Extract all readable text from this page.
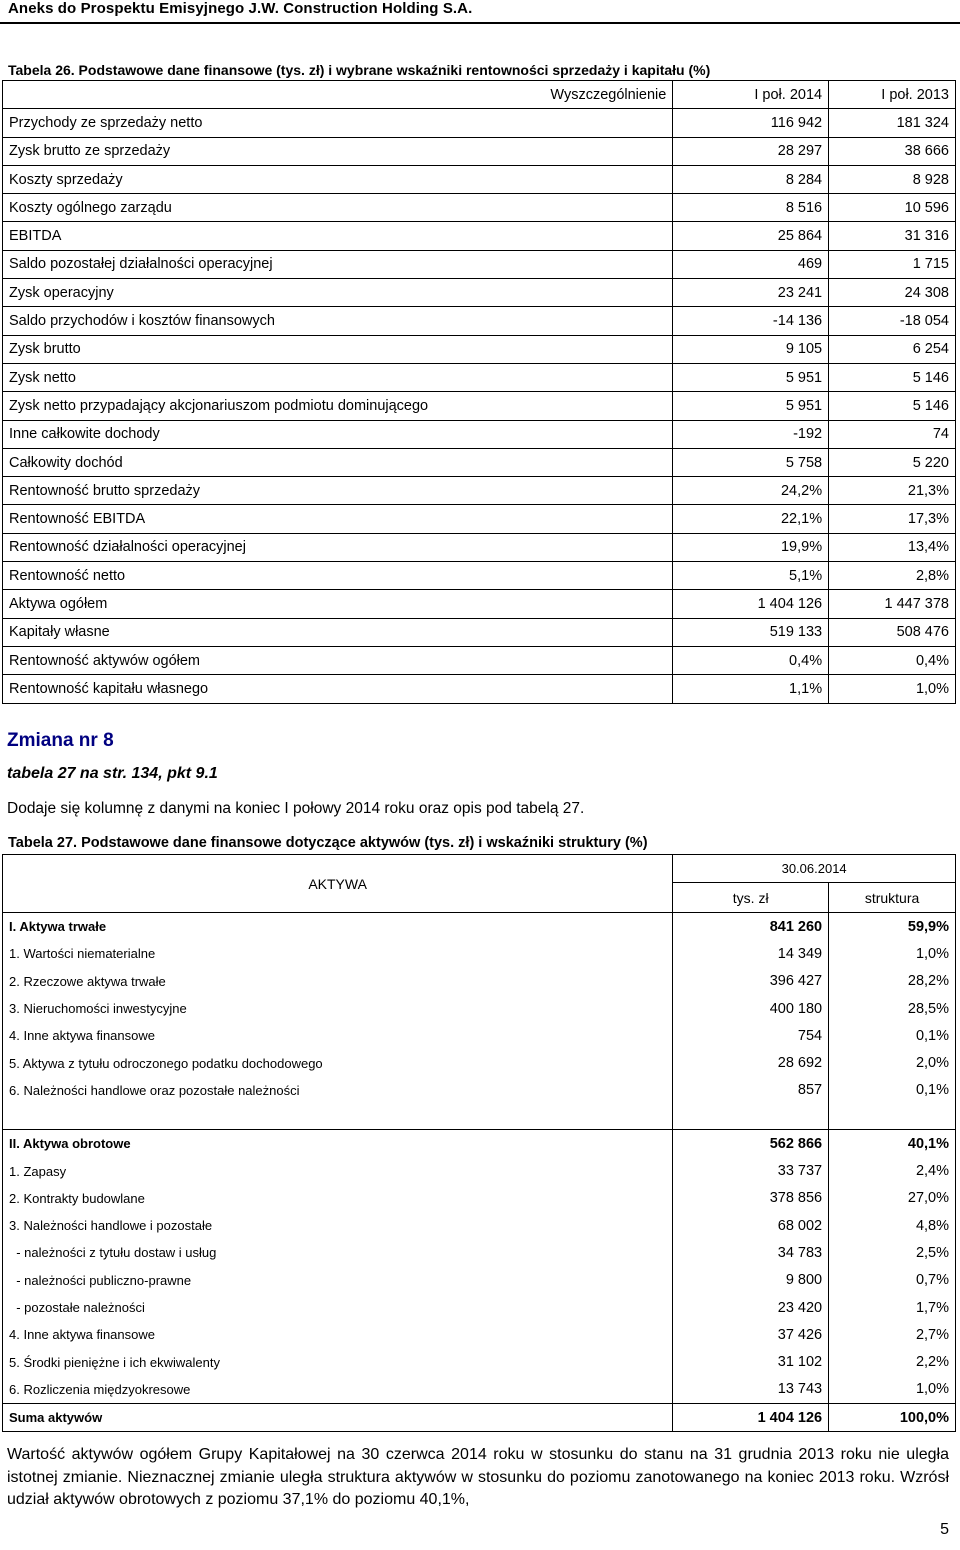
Aneks do Prospektu Emisyjnego J.W. Construction Holding S.A.
Tabela 26. Podstawowe dane finansowe (tys. zł) i wybrane wskaźniki rentowności sprzedaży i kapitału (%)
Wyszczególnienie	I poł. 2014	I poł. 2013
Przychody ze sprzedaży netto	116 942	181 324
Zysk brutto ze sprzedaży	28 297	38 666
Koszty sprzedaży	8 284	8 928
Koszty ogólnego zarządu	8 516	10 596
EBITDA	25 864	31 316
Saldo pozostałej działalności operacyjnej	469	1 715
Zysk operacyjny	23 241	24 308
Saldo przychodów i kosztów finansowych	-14 136	-18 054
Zysk brutto	9 105	6 254
Zysk netto	5 951	5 146
Zysk netto przypadający akcjonariuszom podmiotu dominującego	5 951	5 146
Inne całkowite dochody	-192	74
Całkowity dochód	5 758	5 220
Rentowność brutto sprzedaży	24,2%	21,3%
Rentowność EBITDA	22,1%	17,3%
Rentowność działalności operacyjnej	19,9%	13,4%
Rentowność netto	5,1%	2,8%
Aktywa ogółem	1 404 126	1 447 378
Kapitały własne	519 133	508 476
Rentowność aktywów ogółem	0,4%	0,4%
Rentowność kapitału własnego	1,1%	1,0%
Zmiana nr 8
tabela 27 na str. 134, pkt 9.1
Dodaje się kolumnę z danymi na koniec I połowy 2014 roku oraz opis pod tabelą 27.
Tabela 27. Podstawowe dane finansowe dotyczące aktywów (tys. zł) i wskaźniki struktury (%)
AKTYWA	30.06.2014	
	tys. zł	struktura
I. Aktywa trwałe	841 260	59,9%
1. Wartości niematerialne	14 349	1,0%
2. Rzeczowe aktywa trwałe	396 427	28,2%
3. Nieruchomości inwestycyjne	400 180	28,5%
4. Inne aktywa finansowe	754	0,1%
5. Aktywa z tytułu odroczonego podatku dochodowego	28 692	2,0%
6. Należności handlowe oraz pozostałe należności	857	0,1%

II. Aktywa obrotowe	562 866	40,1%
1. Zapasy	33 737	2,4%
2. Kontrakty budowlane	378 856	27,0%
3. Należności handlowe i pozostałe	68 002	4,8%
- należności z tytułu dostaw i usług	34 783	2,5%
- należności publiczno-prawne	9 800	0,7%
- pozostałe należności	23 420	1,7%
4. Inne aktywa finansowe	37 426	2,7%
5. Środki pieniężne i ich ekwiwalenty	31 102	2,2%
6. Rozliczenia międzyokresowe	13 743	1,0%
Suma aktywów	1 404 126	100,0%
Wartość aktywów ogółem Grupy Kapitałowej na 30 czerwca 2014 roku w stosunku do stanu na 31 grudnia 2013 roku nie uległa istotnej zmianie. Nieznacznej zmianie uległa struktura aktywów w stosunku do poziomu zanotowanego na koniec 2013 roku. Wzrósł udział aktywów obrotowych z poziomu 37,1% do poziomu 40,1%,
5
